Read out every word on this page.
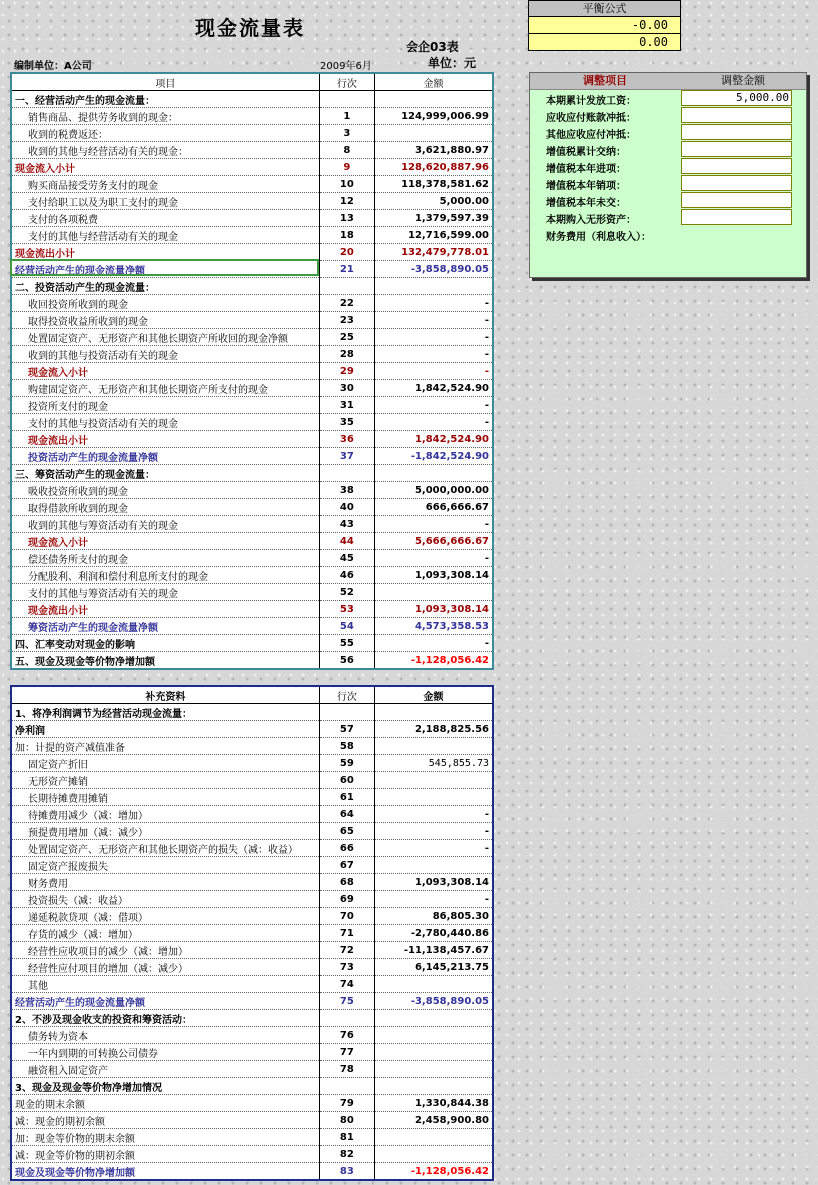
现金流量表
会企03表
编制单位：A公司	2009年6月	单位：元
平衡公式
-0.00
0.00
项目	行次	金额
一、经营活动产生的现金流量：		
销售商品、提供劳务收到的现金：	1	124,999,006.99
收到的税费返还：	3	
收到的其他与经营活动有关的现金：	8	3,621,880.97
现金流入小计	9	128,620,887.96
购买商品接受劳务支付的现金	10	118,378,581.62
支付给职工以及为职工支付的现金	12	5,000.00
支付的各项税费	13	1,379,597.39
支付的其他与经营活动有关的现金	18	12,716,599.00
现金流出小计	20	132,479,778.01
经营活动产生的现金流量净额	21	-3,858,890.05
二、投资活动产生的现金流量：		
收回投资所收到的现金	22	-
取得投资收益所收到的现金	23	-
处置固定资产、无形资产和其他长期资产所收回的现金净额	25	-
收到的其他与投资活动有关的现金	28	-
现金流入小计	29	-
购建固定资产、无形资产和其他长期资产所支付的现金	30	1,842,524.90
投资所支付的现金	31	-
支付的其他与投资活动有关的现金	35	-
现金流出小计	36	1,842,524.90
投资活动产生的现金流量净额	37	-1,842,524.90
三、筹资活动产生的现金流量：		
吸收投资所收到的现金	38	5,000,000.00
取得借款所收到的现金	40	666,666.67
收到的其他与筹资活动有关的现金	43	-
现金流入小计	44	5,666,666.67
偿还债务所支付的现金	45	-
分配股利、利润和偿付利息所支付的现金	46	1,093,308.14
支付的其他与筹资活动有关的现金	52	
现金流出小计	53	1,093,308.14
筹资活动产生的现金流量净额	54	4,573,358.53
四、汇率变动对现金的影响	55	-
五、现金及现金等价物净增加额	56	-1,128,056.42
补充资料	行次	金额
1、将净利润调节为经营活动现金流量：		
净利润	57	2,188,825.56
加：计提的资产减值准备	58	
固定资产折旧	59	545,855.73
无形资产摊销	60	
长期待摊费用摊销	61	
待摊费用减少（减：增加）	64	-
预提费用增加（减：减少）	65	-
处置固定资产、无形资产和其他长期资产的损失（减：收益）	66	-
固定资产报废损失	67	
财务费用	68	1,093,308.14
投资损失（减：收益）	69	-
递延税款贷项（减：借项）	70	86,805.30
存货的减少（减：增加）	71	-2,780,440.86
经营性应收项目的减少（减：增加）	72	-11,138,457.67
经营性应付项目的增加（减：减少）	73	6,145,213.75
其他	74	
经营活动产生的现金流量净额	75	-3,858,890.05
2、不涉及现金收支的投资和筹资活动：		
债务转为资本	76	
一年内到期的可转换公司债券	77	
融资租入固定资产	78	
3、现金及现金等价物净增加情况		
现金的期末余额	79	1,330,844.38
减：现金的期初余额	80	2,458,900.80
加：现金等价物的期末余额	81	
减：现金等价物的期初余额	82	
现金及现金等价物净增加额	83	-1,128,056.42
调整项目	调整金额
本期累计发放工资：	5,000.00
应收应付账款冲抵：
其他应收应付冲抵：
增值税累计交纳：
增值税本年进项：
增值税本年销项：
增值税本年未交：
本期购入无形资产：
财务费用（利息收入）：
